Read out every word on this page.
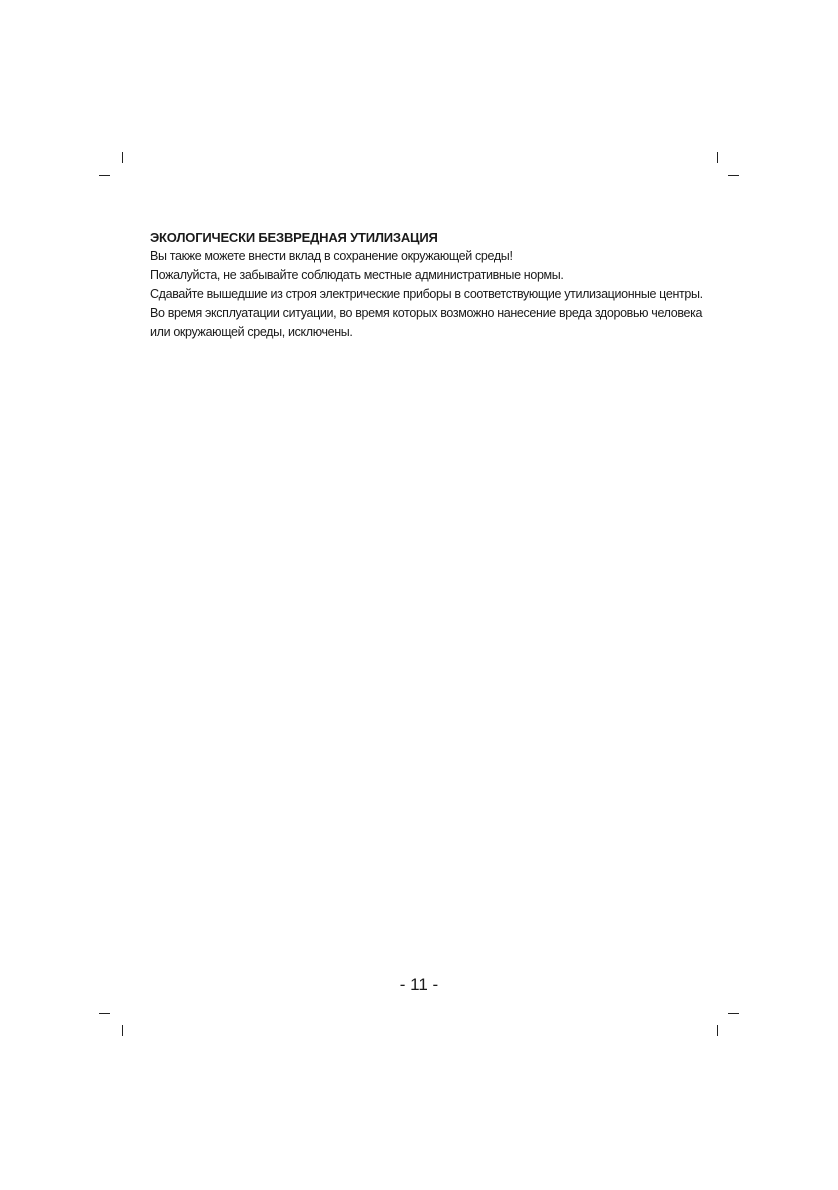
ЭКОЛОГИЧЕСКИ БЕЗВРЕДНАЯ УТИЛИЗАЦИЯ

Вы также можете внести вклад в сохранение окружающей среды!

Пожалуйста, не забывайте соблюдать местные административные нормы.

Сдавайте вышедшие из строя электрические приборы в соответствующие утилизационные центры.

Во время эксплуатации ситуации, во время которых возможно нанесение вреда здоровью человека

или окружающей среды, исключены.

- 11 -
